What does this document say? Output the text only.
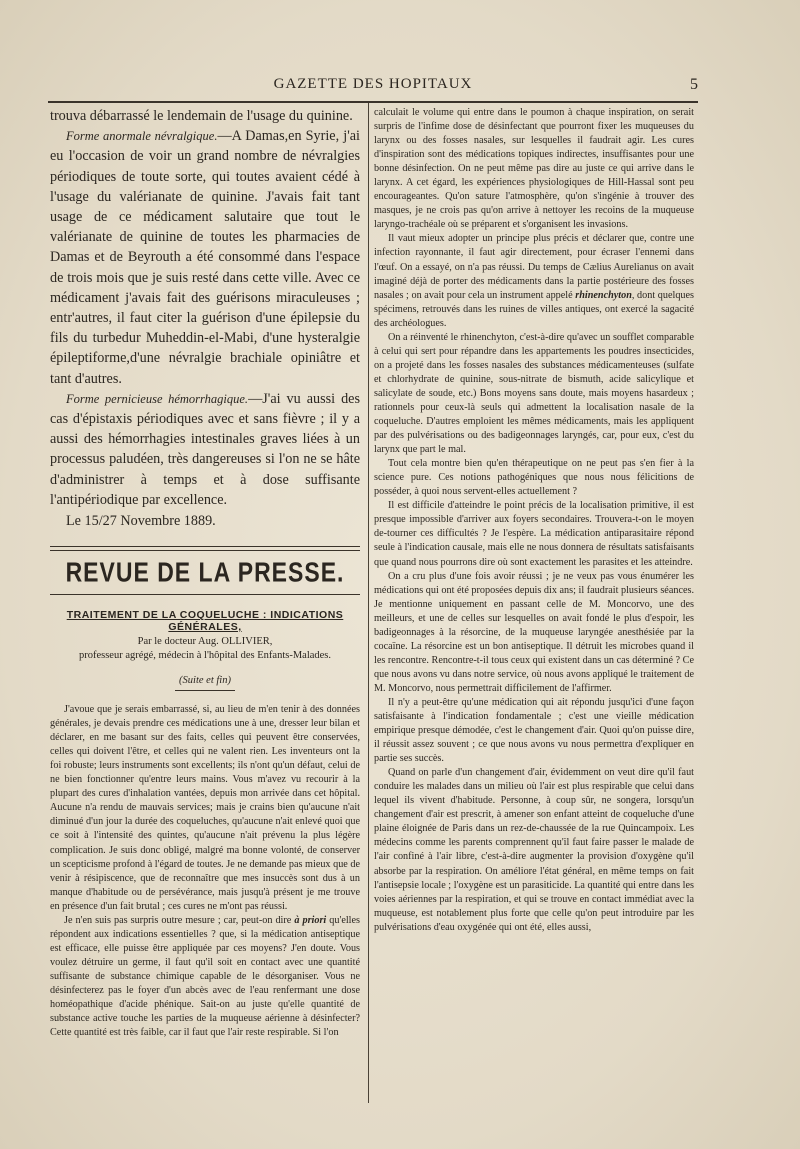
GAZETTE DES HOPITAUX	5

trouva débarrassé le lendemain de l'usage du quinine.

Forme anormale névralgique.—A Damas,en Syrie, j'ai eu l'occasion de voir un grand nombre de névralgies périodiques de toute sorte, qui toutes avaient cédé à l'usage du valérianate de quinine. J'avais fait tant usage de ce médicament salutaire que tout le valérianate de quinine de toutes les pharmacies de Damas et de Beyrouth a été consommé dans l'espace de trois mois que je suis resté dans cette ville. Avec ce médicament j'avais fait des guérisons miraculeuses ; entr'autres, il faut citer la guérison d'une épilepsie du fils du turbedur Muheddin-el-Mabi, d'une hysteralgie épileptiforme,d'une névralgie brachiale opiniâtre et tant d'autres.

Forme pernicieuse hémorrhagique.—J'ai vu aussi des cas d'épistaxis périodiques avec et sans fièvre ; il y a aussi des hémorrhagies intestinales graves liées à un processus paludéen, très dangereuses si l'on ne se hâte d'administrer à temps et à dose suffisante l'antipériodique par excellence.

Le 15/27 Novembre 1889.

REVUE DE LA PRESSE.
TRAITEMENT DE LA COQUELUCHE : INDICATIONS GÉNÉRALES,

Par le docteur Aug. OLLIVIER,

professeur agrégé, médecin à l'hôpital des Enfants-Malades.

(Suite et fin)

J'avoue que je serais embarrassé, si, au lieu de m'en tenir à des données générales, je devais prendre ces médications une à une, dresser leur bilan et déclarer, en me basant sur des faits, celles qui peuvent être conservées, celles qui doivent l'être, et celles qui ne valent rien. Les inventeurs ont la foi robuste; leurs instruments sont excellents; ils n'ont qu'un défaut, celui de ne bien fonctionner qu'entre leurs mains. Vous m'avez vu recourir à la plupart des cures d'inhalation vantées, depuis mon arrivée dans cet hôpital. Aucune n'a rendu de mauvais services; mais je crains bien qu'aucune n'ait diminué d'un jour la durée des coqueluches, qu'aucune n'ait enlevé quoi que ce soit à l'intensité des quintes, qu'aucune n'ait prévenu la plus légère complication. Je suis donc obligé, malgré ma bonne volonté, de conserver un scepticisme profond à l'égard de toutes. Je ne demande pas mieux que de venir à résipiscence, que de reconnaître que mes insuccès sont dus à un manque d'habitude ou de persévérance, mais jusqu'à présent je me trouve en présence d'un fait brutal ; ces cures ne m'ont pas réussi.

Je n'en suis pas surpris outre mesure ; car, peut-on dire à priori qu'elles répondent aux indications essentielles ? que, si la médication antiseptique est efficace, elle puisse être appliquée par ces moyens? J'en doute. Vous voulez détruire un germe, il faut qu'il soit en contact avec une quantité suffisante de substance chimique capable de le désorganiser. Vous ne désinfecterez pas le foyer d'un abcès avec de l'eau renfermant une dose homéopathique d'acide phénique. Sait-on au juste qu'elle quantité de substance active touche les parties de la muqueuse aérienne à désinfecter? Cette quantité est très faible, car il faut que l'air reste respirable. Si l'on

calculait le volume qui entre dans le poumon à chaque inspiration, on serait surpris de l'infime dose de désinfectant que pourront fixer les muqueuses du larynx ou des fosses nasales, sur lesquelles il faudrait agir. Les cures d'inspiration sont des médications topiques indirectes, insuffisantes pour une bonne désinfection. On ne peut même pas dire au juste ce qui arrive dans le larynx. A cet égard, les expériences physiologiques de Hill-Hassal sont peu encourageantes. Qu'on sature l'atmosphère, qu'on s'ingénie à trouver des masques, je ne crois pas qu'on arrive à nettoyer les recoins de la muqueuse laryngo-trachéale où se préparent et s'organisent les invasions.

Il vaut mieux adopter un principe plus précis et déclarer que, contre une infection rayonnante, il faut agir directement, pour écraser l'ennemi dans l'œuf. On a essayé, on n'a pas réussi. Du temps de Cælius Aurelianus on avait imaginé déjà de porter des médicaments dans la partie postérieure des fosses nasales ; on avait pour cela un instrument appelé rhinenchyton, dont quelques spécimens, retrouvés dans les ruines de villes antiques, ont exercé la sagacité des archéologues.

On a réinventé le rhinenchyton, c'est-à-dire qu'avec un soufflet comparable à celui qui sert pour répandre dans les appartements les poudres insecticides, on a projeté dans les fosses nasales des substances médicamenteuses (sulfate et chlorhydrate de quinine, sous-nitrate de bismuth, acide salicylique et salicylate de soude, etc.) Bons moyens sans doute, mais moyens hasardeux ; rationnels pour ceux-là seuls qui admettent la localisation nasale de la coqueluche. D'autres emploient les mêmes médicaments, mais les appliquent par des pulvérisations ou des badigeonnages laryngés, car, pour eux, c'est du larynx que part le mal.

Tout cela montre bien qu'en thérapeutique on ne peut pas s'en fier à la science pure. Ces notions pathogéniques que nous nous félicitions de posséder, à quoi nous servent-elles actuellement ?

Il est difficile d'atteindre le point précis de la localisation primitive, il est presque impossible d'arriver aux foyers secondaires. Trouvera-t-on le moyen de-tourner ces difficultés ? Je l'espère. La médication antiparasitaire répond seule à l'indication causale, mais elle ne nous donnera de résultats satisfaisants que quand nous pourrons dire où sont exactement les parasites et les atteindre.

On a cru plus d'une fois avoir réussi ; je ne veux pas vous énumérer les médications qui ont été proposées depuis dix ans; il faudrait plusieurs séances. Je mentionne uniquement en passant celle de M. Moncorvo, une des meilleurs, et une de celles sur lesquelles on avait fondé le plus d'espoir, les badigeonnages à la résorcine, de la muqueuse laryngée anesthésiée par la cocaïne. La résorcine est un bon antiseptique. Il détruit les microbes quand il les rencontre. Rencontre-t-il tous ceux qui existent dans un cas déterminé ? Ce que nous avons vu dans notre service, où nous avons appliqué le traitement de M. Moncorvo, nous permettrait difficilement de l'affirmer.

Il n'y a peut-être qu'une médication qui ait répondu jusqu'ici d'une façon satisfaisante à l'indication fondamentale ; c'est une vieille médication empirique presque démodée, c'est le changement d'air. Quoi qu'on puisse dire, il réussit assez souvent ; ce que nous avons vu nous permettra d'expliquer en partie ses succès.

Quand on parle d'un changement d'air, évidemment on veut dire qu'il faut conduire les malades dans un milieu où l'air est plus respirable que celui dans lequel ils vivent d'habitude. Personne, à coup sûr, ne songera, lorsqu'un changement d'air est prescrit, à amener son enfant atteint de coqueluche d'une plaine éloignée de Paris dans un rez-de-chaussée de la rue Quincampoix. Les médecins comme les parents comprennent qu'il faut faire passer le malade de l'air confiné à l'air libre, c'est-à-dire augmenter la provision d'oxygène qu'il absorbe par la respiration. On améliore l'état général, en même temps on fait l'antisepsie locale ; l'oxygène est un parasiticide. La quantité qui entre dans les voies aériennes par la respiration, et qui se trouve en contact immédiat avec la muqueuse, est notablement plus forte que celle qu'on peut introduire par les pulvérisations d'eau oxygénée qui ont été, elles aussi,
